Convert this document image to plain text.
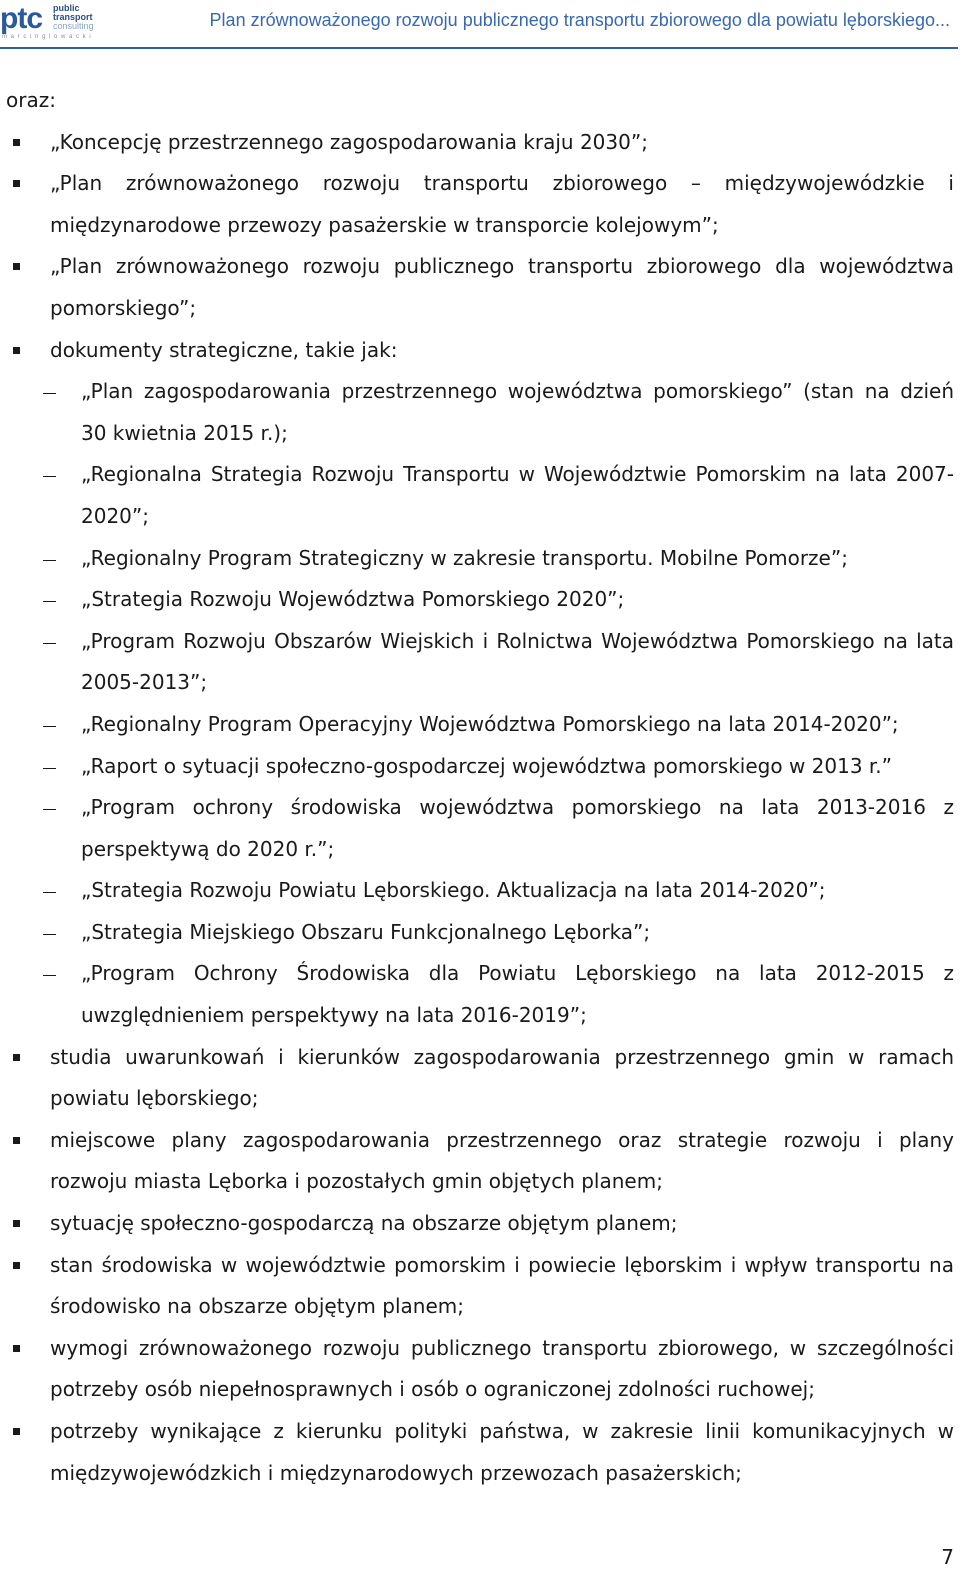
ptc public
transport
consulting
m a r c i n g l o w a c k i
Plan zrównoważonego rozwoju publicznego transportu zbiorowego dla powiatu lęborskiego...

oraz:

„Koncepcję przestrzennego zagospodarowania kraju 2030”;
„Plan zrównoważonego rozwoju transportu zbiorowego – międzywojewódzkie i międzynarodowe przewozy pasażerskie w transporcie kolejowym”;
„Plan zrównoważonego rozwoju publicznego transportu zbiorowego dla województwa pomorskiego”;
dokumenty strategiczne, takie jak:
„Plan zagospodarowania przestrzennego województwa pomorskiego” (stan na dzień 30 kwietnia 2015 r.);
„Regionalna Strategia Rozwoju Transportu w Województwie Pomorskim na lata 2007-2020”;
„Regionalny Program Strategiczny w zakresie transportu. Mobilne Pomorze”;
„Strategia Rozwoju Województwa Pomorskiego 2020”;
„Program Rozwoju Obszarów Wiejskich i Rolnictwa Województwa Pomorskiego na lata 2005-2013”;
„Regionalny Program Operacyjny Województwa Pomorskiego na lata 2014-2020”;
„Raport o sytuacji społeczno-gospodarczej województwa pomorskiego w 2013 r.”
„Program ochrony środowiska województwa pomorskiego na lata 2013-2016 z perspektywą do 2020 r.”;
„Strategia Rozwoju Powiatu Lęborskiego. Aktualizacja na lata 2014-2020”;
„Strategia Miejskiego Obszaru Funkcjonalnego Lęborka”;
„Program Ochrony Środowiska dla Powiatu Lęborskiego na lata 2012-2015 z uwzględnieniem perspektywy na lata 2016-2019”;
studia uwarunkowań i kierunków zagospodarowania przestrzennego gmin w ramach powiatu lęborskiego;
miejscowe plany zagospodarowania przestrzennego oraz strategie rozwoju i plany rozwoju miasta Lęborka i pozostałych gmin objętych planem;
sytuację społeczno-gospodarczą na obszarze objętym planem;
stan środowiska w województwie pomorskim i powiecie lęborskim i wpływ transportu na środowisko na obszarze objętym planem;
wymogi zrównoważonego rozwoju publicznego transportu zbiorowego, w szczególności potrzeby osób niepełnosprawnych i osób o ograniczonej zdolności ruchowej;
potrzeby wynikające z kierunku polityki państwa, w zakresie linii komunikacyjnych w międzywojewódzkich i międzynarodowych przewozach pasażerskich;
7
